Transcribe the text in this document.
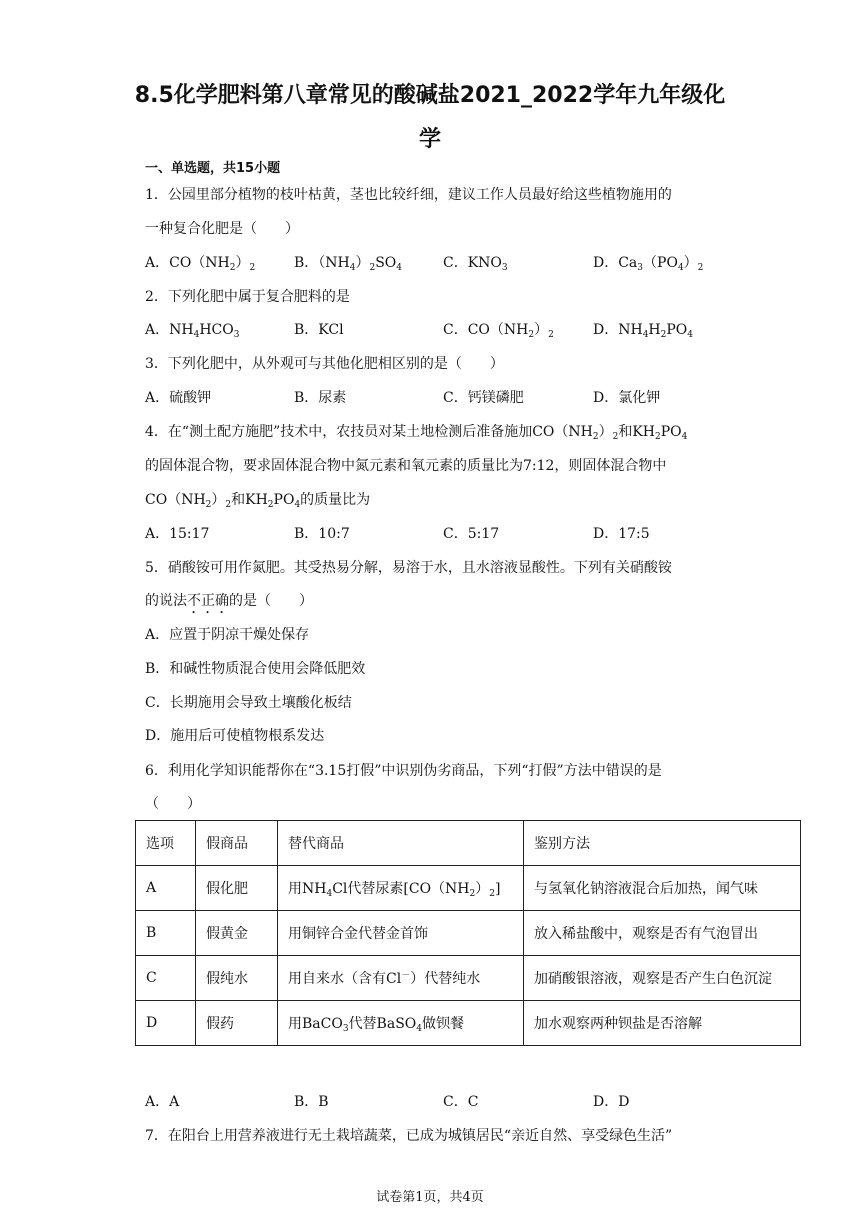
8.5化学肥料第八章常见的酸碱盐2021_2022学年九年级化
学
一、单选题，共15小题
1．公园里部分植物的枝叶枯黄，茎也比较纤细，建议工作人员最好给这些植物施用的
一种复合化肥是（　　）
A．$CO(NH_2)_2$	B．$(NH_4)_2SO_4$	C．$KNO_3$	D．$Ca_3(PO_4)_2$
2．下列化肥中属于复合肥料的是
A．$NH_4HCO_3$	B．KCl	C．$CO(NH_2)_2$	D．$NH_4H_2PO_4$
3．下列化肥中，从外观可与其他化肥相区别的是（　　）
A．硫酸钾	B．尿素	C．钙镁磷肥	D．氯化钾
4．在“测土配方施肥”技术中，农技员对某土地检测后准备施加$CO(NH_2)_2$和$KH_2PO_4$
的固体混合物，要求固体混合物中氮元素和氧元素的质量比为7:12，则固体混合物中
$CO(NH_2)_2$和$KH_2PO_4$的质量比为
A．15:17	B．10:7	C．5:17	D．17:5
5．硝酸铵可用作氮肥。其受热易分解，易溶于水，且水溶液显酸性。下列有关硝酸铵
的说法不正确的是（　　）
A．应置于阴凉干燥处保存
B．和碱性物质混合使用会降低肥效
C．长期施用会导致土壤酸化板结
D．施用后可使植物根系发达
6．利用化学知识能帮你在“3.15打假”中识别伪劣商品，下列“打假”方法中错误的是
（　　）
选项	假商品	替代商品	鉴别方法
A	假化肥	用$NH_4Cl$代替尿素$[CO(NH_2)_2]$	与氢氧化钠溶液混合后加热，闻气味
B	假黄金	用铜锌合金代替金首饰	放入稀盐酸中，观察是否有气泡冒出
C	假纯水	用自来水（含有Cl－）代替纯水	加硝酸银溶液，观察是否产生白色沉淀
D	假药	用BaCO$_3$代替BaSO$_4$做钡餐	加水观察两种钡盐是否溶解
A．A	B．B	C．C	D．D
7．在阳台上用营养液进行无土栽培蔬菜，已成为城镇居民“亲近自然、享受绿色生活”
试卷第1页，共4页
